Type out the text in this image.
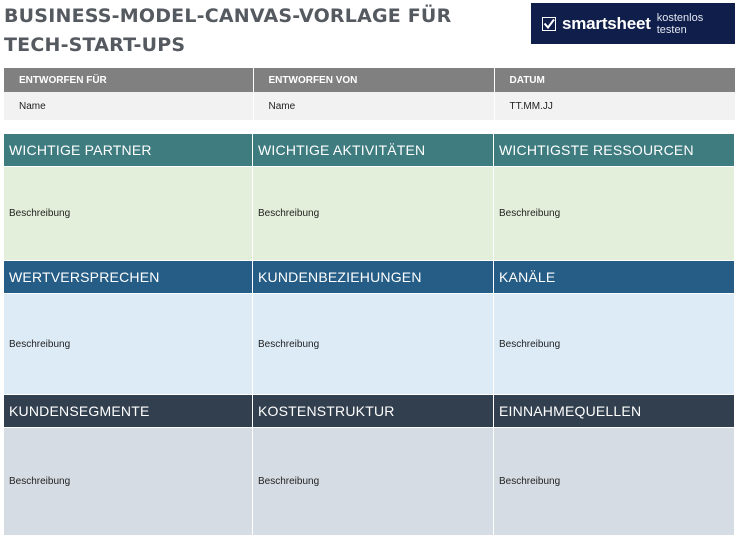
BUSINESS-MODEL-CANVAS-VORLAGE FÜR
TECH-START-UPS
smartsheet kostenlos testen
ENTWORFEN FÜR	ENTWORFEN VON	DATUM
Name	Name	TT.MM.JJ
WICHTIGE PARTNER	WICHTIGE AKTIVITÄTEN	WICHTIGSTE RESSOURCEN
Beschreibung	Beschreibung	Beschreibung
WERTVERSPRECHEN	KUNDENBEZIEHUNGEN	KANÄLE
Beschreibung	Beschreibung	Beschreibung
KUNDENSEGMENTE	KOSTENSTRUKTUR	EINNAHMEQUELLEN
Beschreibung	Beschreibung	Beschreibung
